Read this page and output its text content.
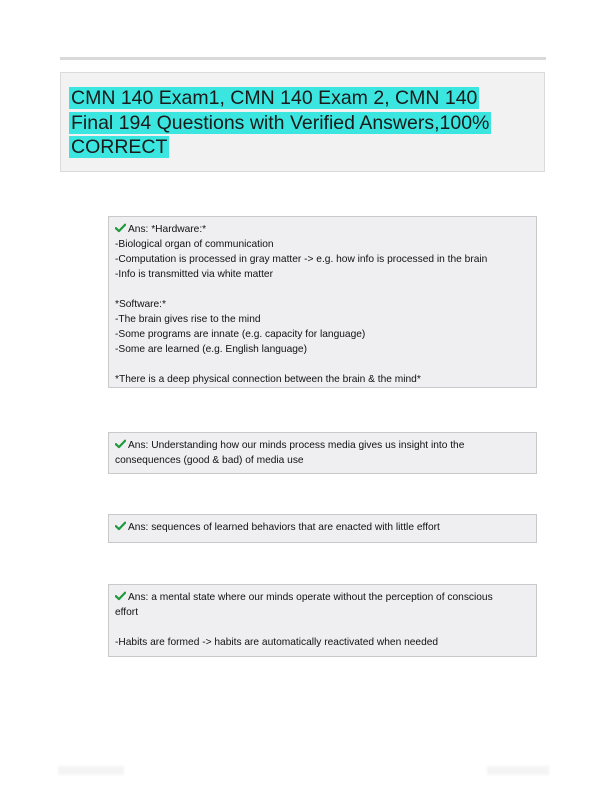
CMN 140 Exam1, CMN 140 Exam 2, CMN 140
Final 194 Questions with Verified Answers,100%
CORRECT
Ans: *Hardware:*
-Biological organ of communication
-Computation is processed in gray matter -> e.g. how info is processed in the brain
-Info is transmitted via white matter
*Software:*
-The brain gives rise to the mind
-Some programs are innate (e.g. capacity for language)
-Some are learned (e.g. English language)
*There is a deep physical connection between the brain & the mind*
Ans: Understanding how our minds process media gives us insight into the
consequences (good & bad) of media use
Ans: sequences of learned behaviors that are enacted with little effort
Ans: a mental state where our minds operate without the perception of conscious
effort
-Habits are formed -> habits are automatically reactivated when needed
